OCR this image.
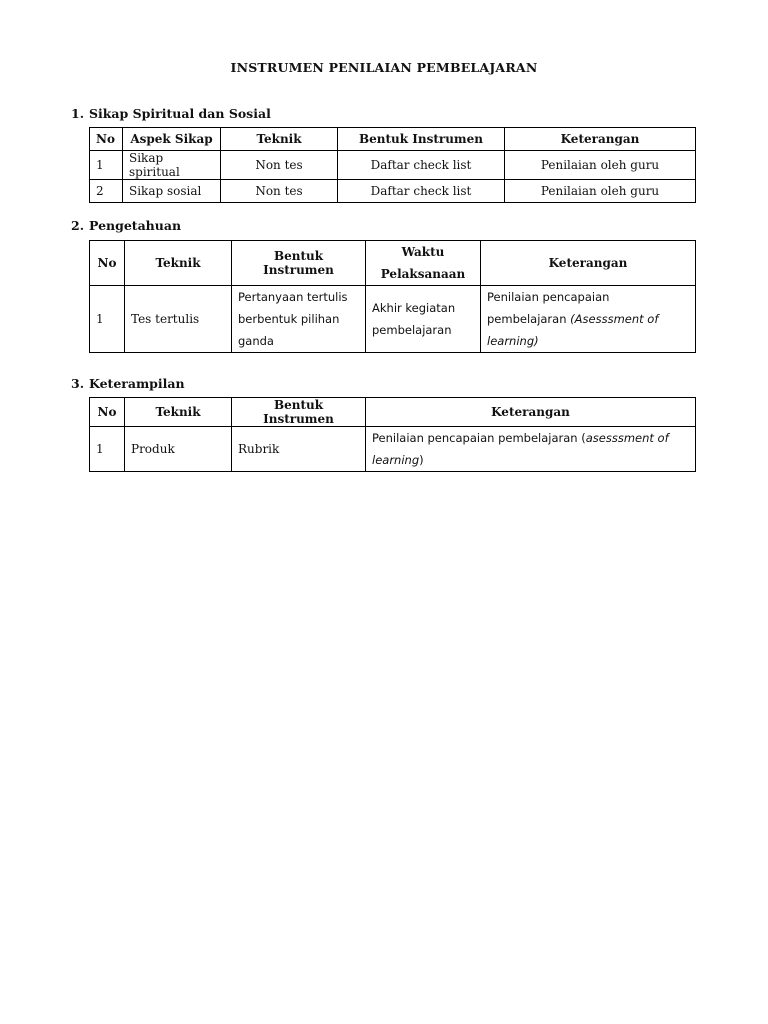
INSTRUMEN PENILAIAN PEMBELAJARAN
1. Sikap Spiritual dan Sosial
No	Aspek Sikap	Teknik	Bentuk Instrumen	Keterangan
1	Sikap spiritual	Non tes	Daftar check list	Penilaian oleh guru
2	Sikap sosial	Non tes	Daftar check list	Penilaian oleh guru
2. Pengetahuan
No	Teknik	Bentuk Instrumen	Waktu Pelaksanaan	Keterangan
1	Tes tertulis	Pertanyaan tertulis berbentuk pilihan ganda	Akhir kegiatan pembelajaran	Penilaian pencapaian pembelajaran (Asesssment of learning)
3. Keterampilan
No	Teknik	Bentuk Instrumen	Keterangan
1	Produk	Rubrik	Penilaian pencapaian pembelajaran (asesssment of learning)
